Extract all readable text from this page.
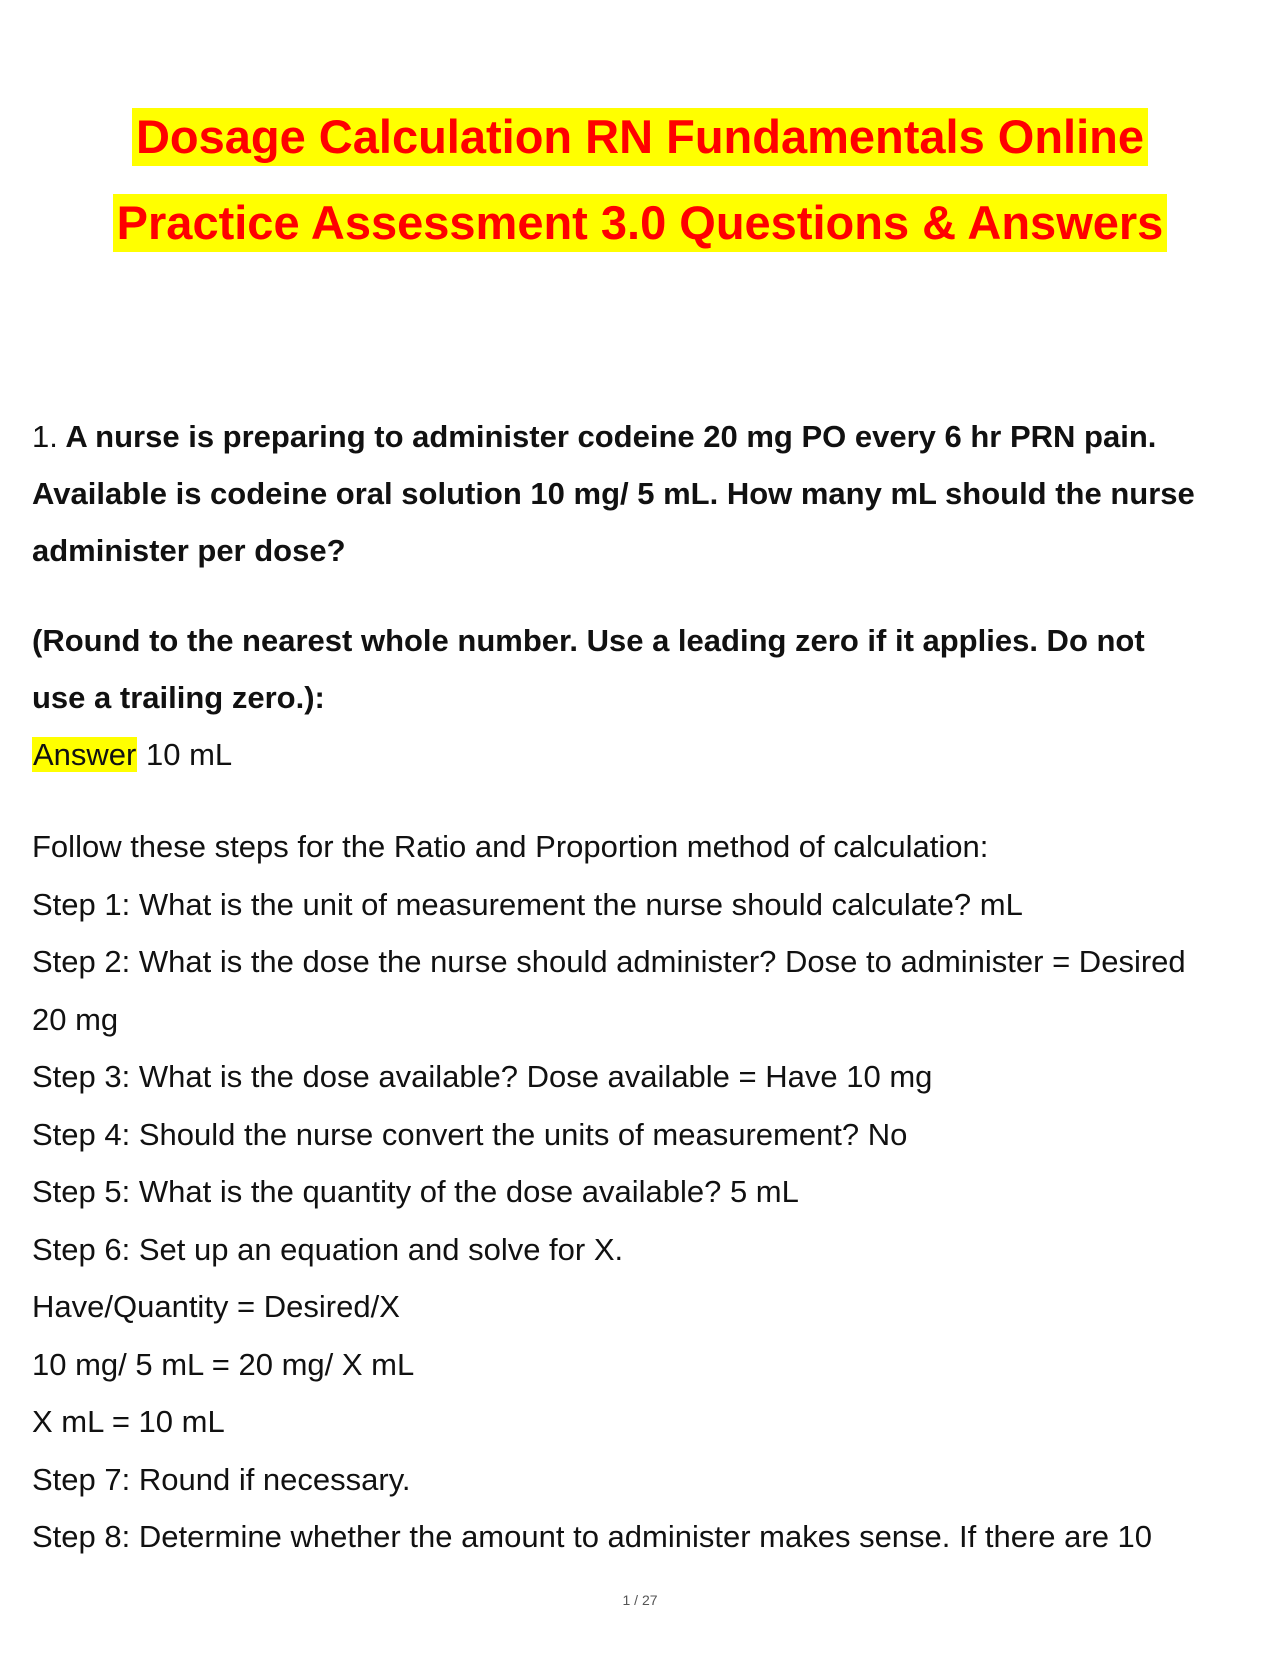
Dosage Calculation RN Fundamentals Online
Practice Assessment 3.0 Questions & Answers
1. A nurse is preparing to administer codeine 20 mg PO every 6 hr PRN pain.
Available is codeine oral solution 10 mg/ 5 mL. How many mL should the nurse
administer per dose?
(Round to the nearest whole number. Use a leading zero if it applies. Do not
use a trailing zero.):
Answer 10 mL
Follow these steps for the Ratio and Proportion method of calculation:
Step 1: What is the unit of measurement the nurse should calculate? mL
Step 2: What is the dose the nurse should administer? Dose to administer = Desired
20 mg
Step 3: What is the dose available? Dose available = Have 10 mg
Step 4: Should the nurse convert the units of measurement? No
Step 5: What is the quantity of the dose available? 5 mL
Step 6: Set up an equation and solve for X.
Have/Quantity = Desired/X
10 mg/ 5 mL = 20 mg/ X mL
X mL = 10 mL
Step 7: Round if necessary.
Step 8: Determine whether the amount to administer makes sense. If there are 10
1 / 27
